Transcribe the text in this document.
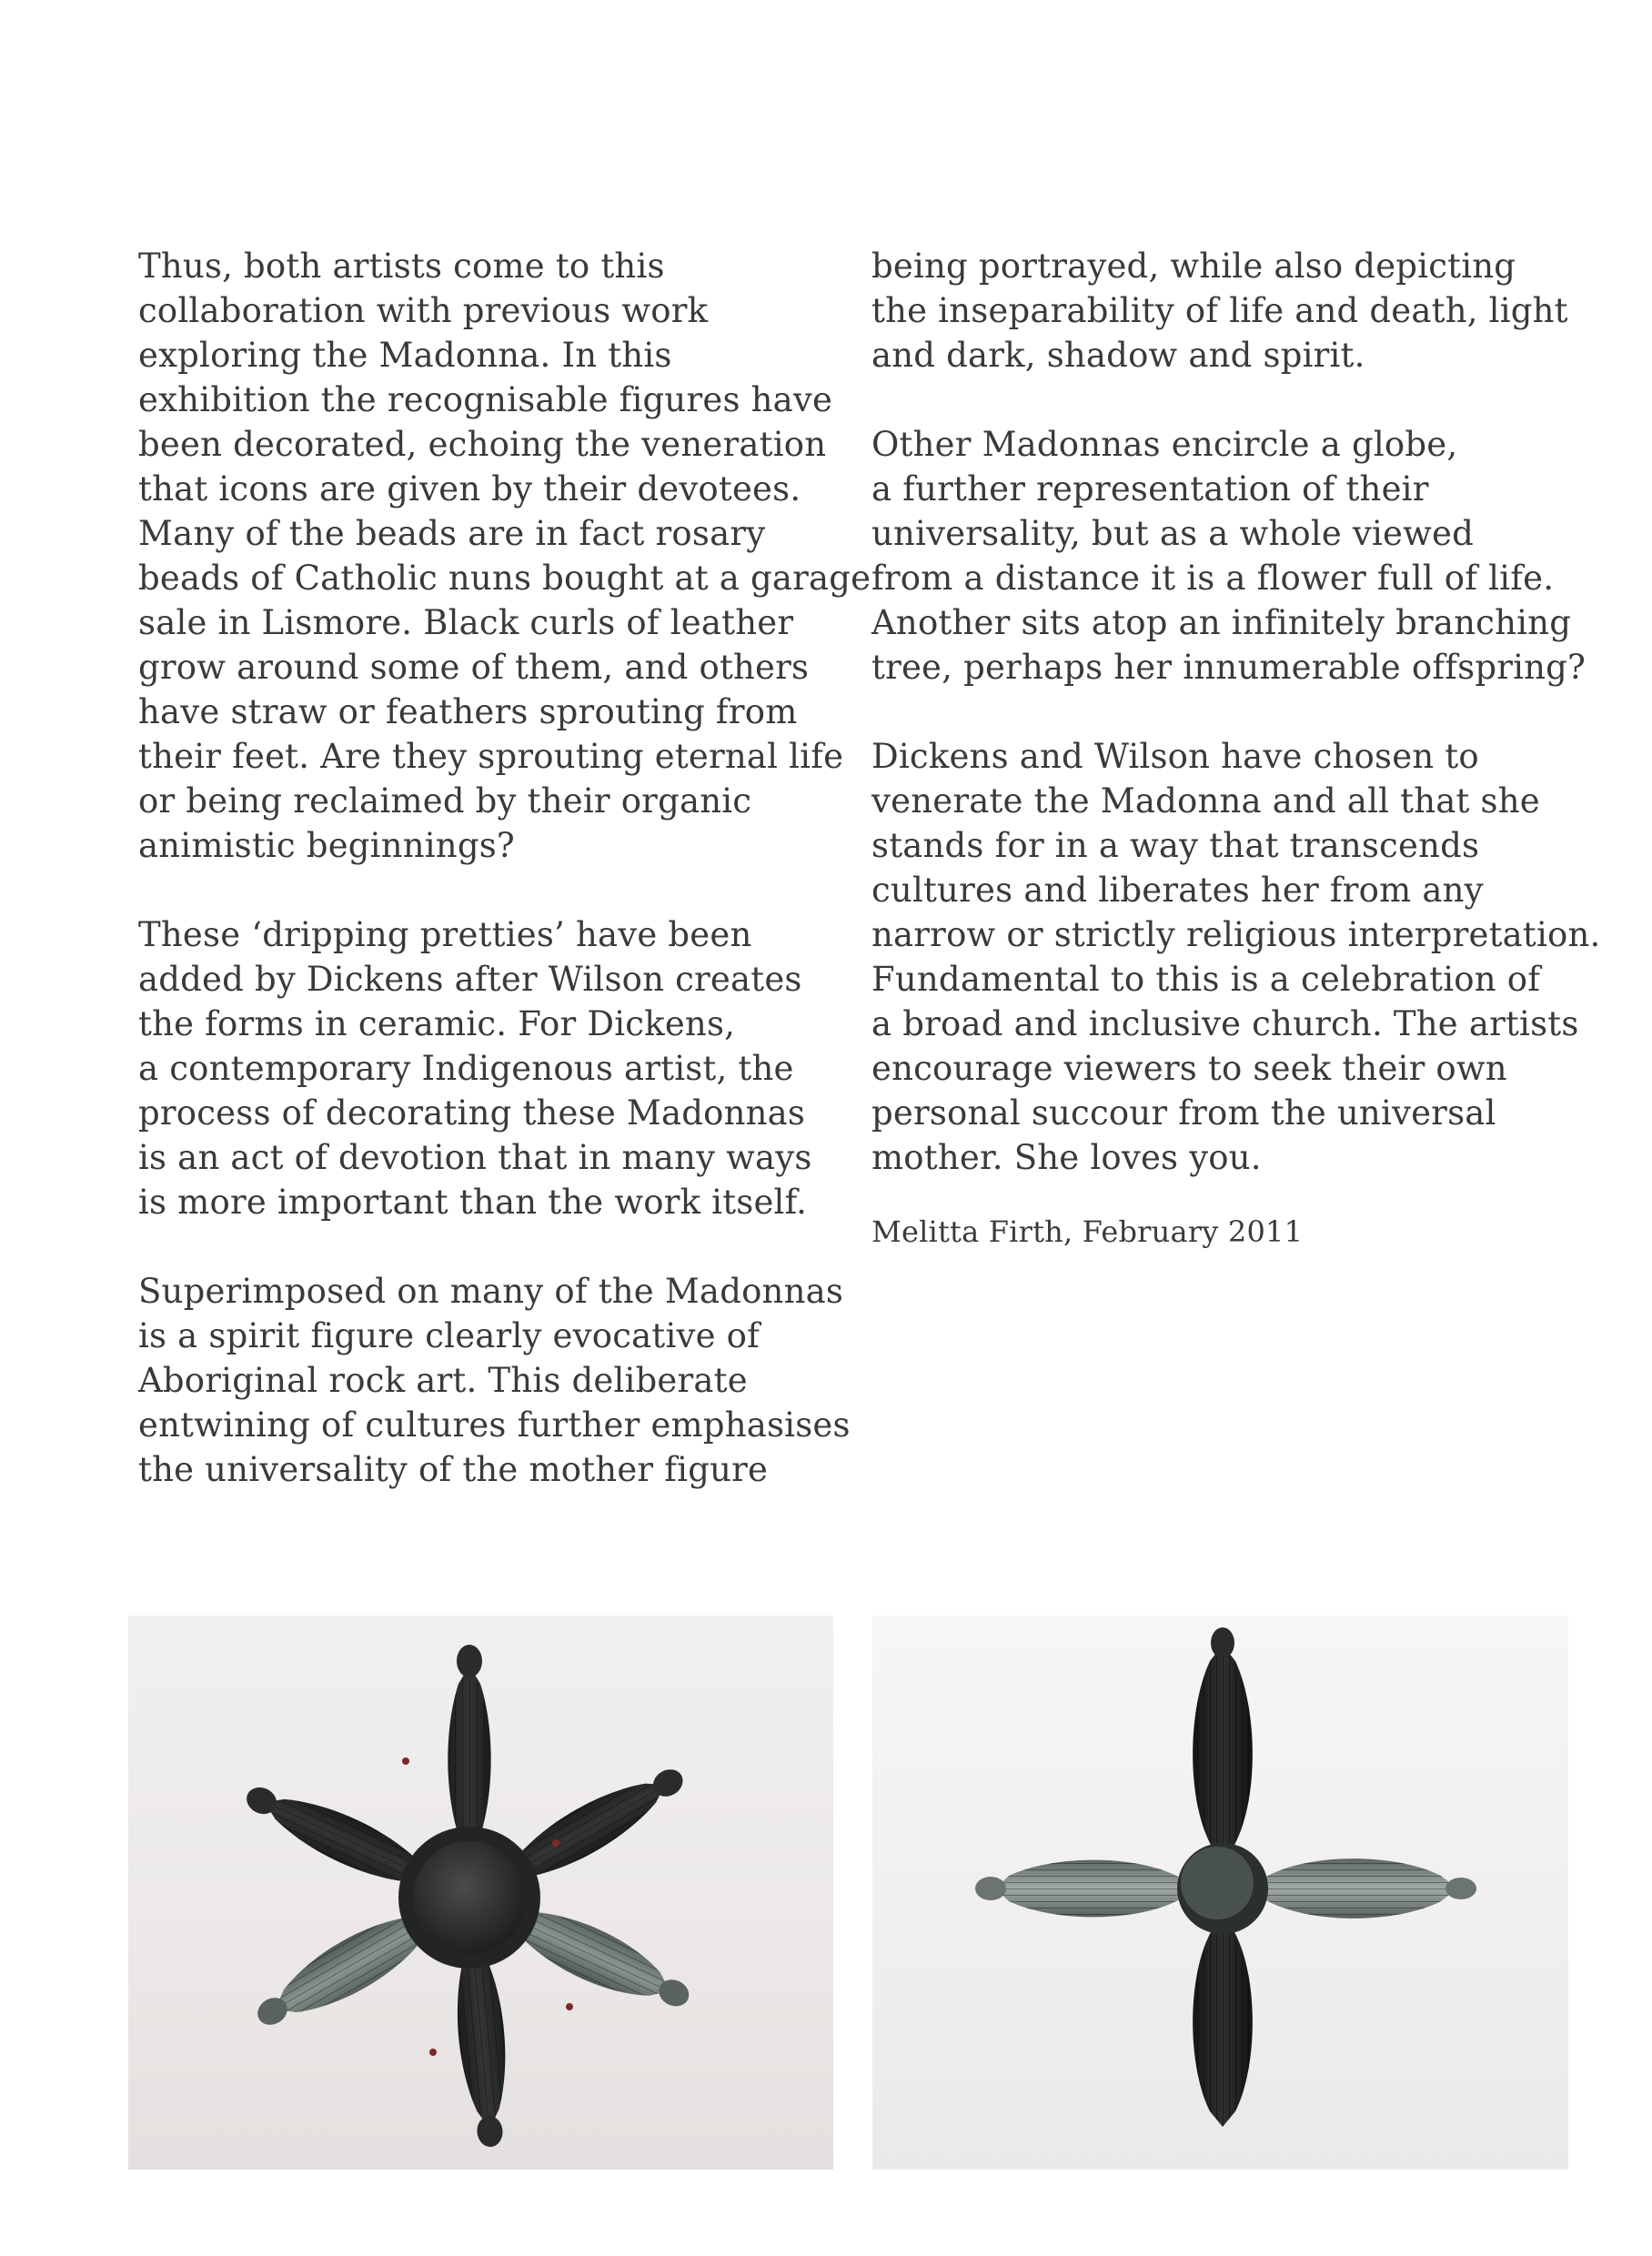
Thus, both artists come to this
collaboration with previous work
exploring the Madonna. In this
exhibition the recognisable figures have
been decorated, echoing the veneration
that icons are given by their devotees.
Many of the beads are in fact rosary
beads of Catholic nuns bought at a garage
sale in Lismore. Black curls of leather
grow around some of them, and others
have straw or feathers sprouting from
their feet. Are they sprouting eternal life
or being reclaimed by their organic
animistic beginnings?
These ‘dripping pretties’ have been
added by Dickens after Wilson creates
the forms in ceramic. For Dickens,
a contemporary Indigenous artist, the
process of decorating these Madonnas
is an act of devotion that in many ways
is more important than the work itself.
Superimposed on many of the Madonnas
is a spirit figure clearly evocative of
Aboriginal rock art. This deliberate
entwining of cultures further emphasises
the universality of the mother figure
being portrayed, while also depicting
the inseparability of life and death, light
and dark, shadow and spirit.
Other Madonnas encircle a globe,
a further representation of their
universality, but as a whole viewed
from a distance it is a flower full of life.
Another sits atop an infinitely branching
tree, perhaps her innumerable offspring?
Dickens and Wilson have chosen to
venerate the Madonna and all that she
stands for in a way that transcends
cultures and liberates her from any
narrow or strictly religious interpretation.
Fundamental to this is a celebration of
a broad and inclusive church. The artists
encourage viewers to seek their own
personal succour from the universal
mother. She loves you.
Melitta Firth, February 2011
